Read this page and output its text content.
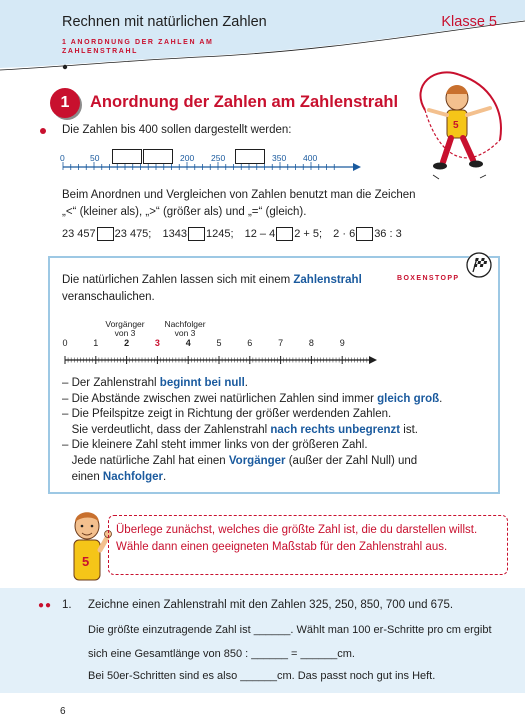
Rechnen mit natürlichen Zahlen	Klasse 5
1 ANORDNUNG DER ZAHLEN AM
ZAHLENSTRAHL
5
1	Anordnung der Zahlen am Zahlenstrahl
Die Zahlen bis 400 sollen dargestellt werden:
0	50	200 250	350 400
Beim Anordnen und Vergleichen von Zahlen benutzt man die Zeichen
„<“ (kleiner als), „>“ (größer als) und „=“ (gleich).
23 457 23 475; 1343 1245; 12 – 4 2 + 5; 2 · 6 36 : 3
BOXENSTOPP
Die natürlichen Zahlen lassen sich mit einem Zahlenstrahl
veranschaulichen.
Vorgänger
von 3
Nachfolger
von 3
0	1	2	3	4	5	6	7	8	9
– Der Zahlenstrahl beginnt bei null.
– Die Abstände zwischen zwei natürlichen Zahlen sind immer gleich groß.
– Die Pfeilspitze zeigt in Richtung der größer werdenden Zahlen.
Sie verdeutlicht, dass der Zahlenstrahl nach rechts unbegrenzt ist.
– Die kleinere Zahl steht immer links von der größeren Zahl.
Jede natürliche Zahl hat einen Vorgänger (außer der Zahl Null) und
einen Nachfolger.
5
Überlege zunächst, welches die größte Zahl ist, die du darstellen willst. Wähle dann einen geeigneten Maßstab für den Zahlenstrahl aus.
●● 1. Zeichne einen Zahlenstrahl mit den Zahlen 325, 250, 850, 700 und 675.
Die größte einzutragende Zahl ist ______. Wählt man 100 er-Schritte pro cm ergibt
sich eine Gesamtlänge von 850 : ______ = ______cm.
Bei 50er-Schritten sind es also ______cm. Das passt noch gut ins Heft.
6
